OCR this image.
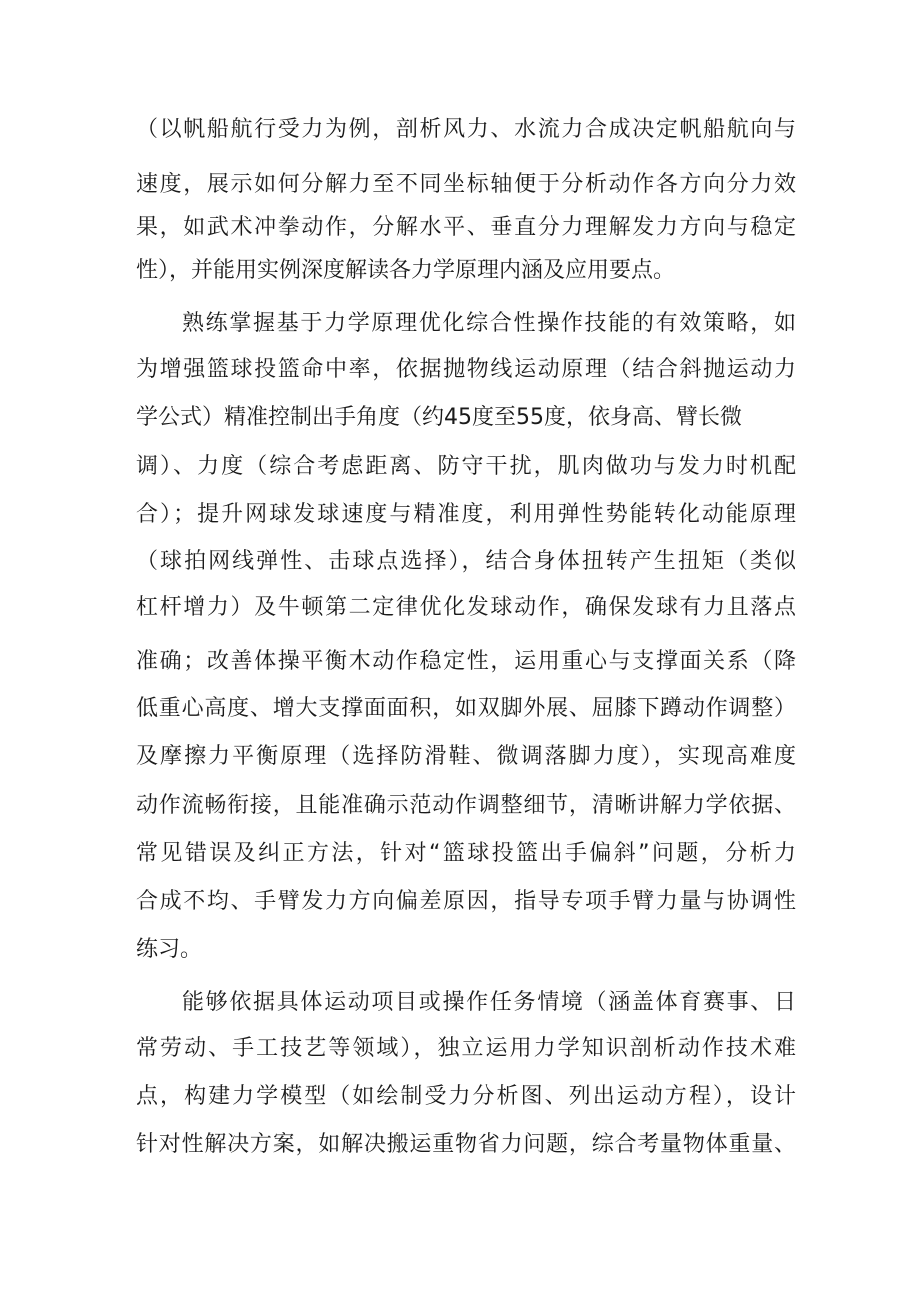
（以帆船航行受力为例，剖析风力、水流力合成决定帆船航向与
速度，展示如何分解力至不同坐标轴便于分析动作各方向分力效
果，如武术冲拳动作，分解水平、垂直分力理解发力方向与稳定
性），并能用实例深度解读各力学原理内涵及应用要点。
熟练掌握基于力学原理优化综合性操作技能的有效策略，如
为增强篮球投篮命中率，依据抛物线运动原理（结合斜抛运动力
学公式）精准控制出手角度（约45度至55度，依身高、臂长微
调）、力度（综合考虑距离、防守干扰，肌肉做功与发力时机配
合）；提升网球发球速度与精准度，利用弹性势能转化动能原理
（球拍网线弹性、击球点选择），结合身体扭转产生扭矩（类似
杠杆增力）及牛顿第二定律优化发球动作，确保发球有力且落点
准确；改善体操平衡木动作稳定性，运用重心与支撑面关系（降
低重心高度、增大支撑面面积，如双脚外展、屈膝下蹲动作调整）
及摩擦力平衡原理（选择防滑鞋、微调落脚力度），实现高难度
动作流畅衔接，且能准确示范动作调整细节，清晰讲解力学依据、
常见错误及纠正方法，针对“篮球投篮出手偏斜”问题，分析力
合成不均、手臂发力方向偏差原因，指导专项手臂力量与协调性
练习。
能够依据具体运动项目或操作任务情境（涵盖体育赛事、日
常劳动、手工技艺等领域），独立运用力学知识剖析动作技术难
点，构建力学模型（如绘制受力分析图、列出运动方程），设计
针对性解决方案，如解决搬运重物省力问题，综合考量物体重量、
